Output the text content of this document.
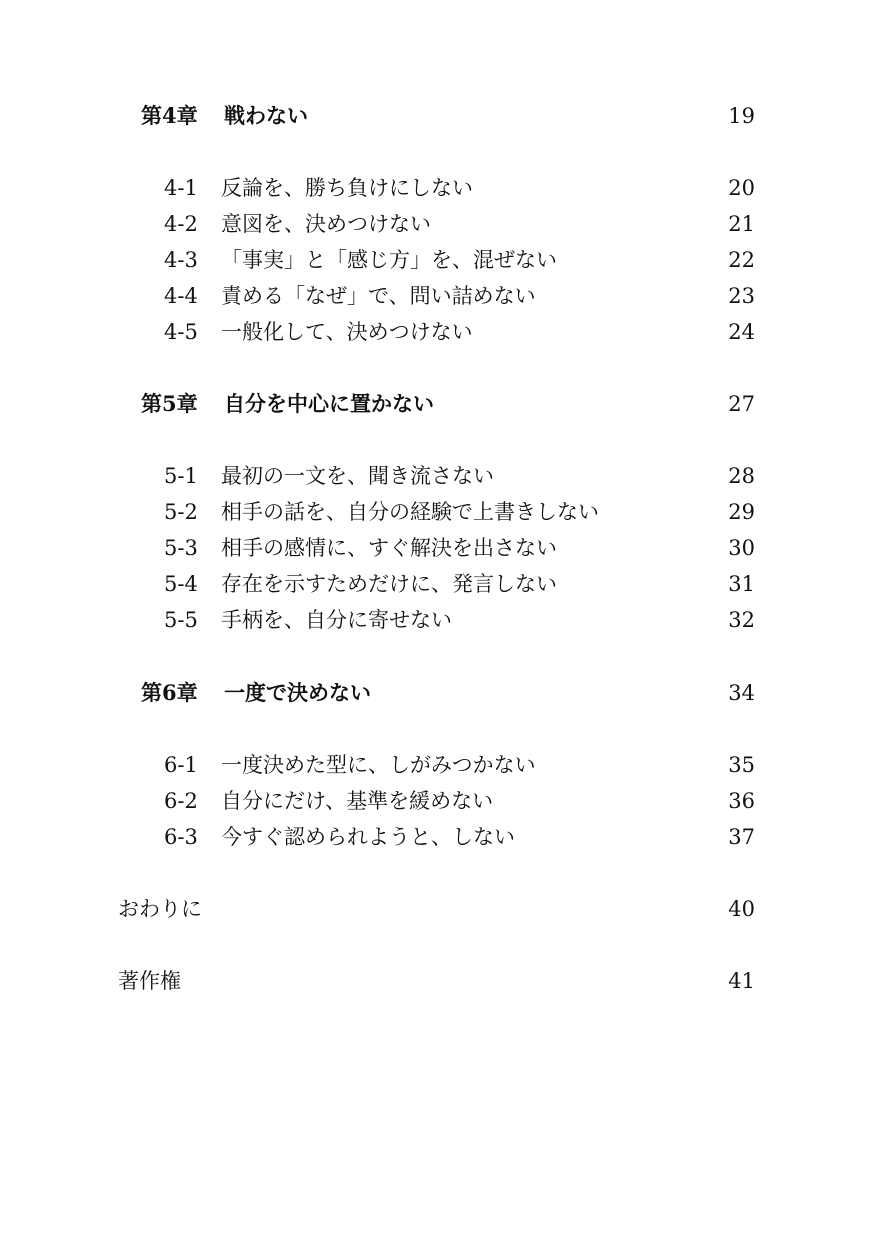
第4章 戦わない	19
4-1 反論を、勝ち負けにしない	20
4-2 意図を、決めつけない	21
4-3 「事実」と「感じ方」を、混ぜない	22
4-4 責める「なぜ」で、問い詰めない	23
4-5 一般化して、決めつけない	24
第5章 自分を中心に置かない	27
5-1 最初の一文を、聞き流さない	28
5-2 相手の話を、自分の経験で上書きしない	29
5-3 相手の感情に、すぐ解決を出さない	30
5-4 存在を示すためだけに、発言しない	31
5-5 手柄を、自分に寄せない	32
第6章 一度で決めない	34
6-1 一度決めた型に、しがみつかない	35
6-2 自分にだけ、基準を緩めない	36
6-3 今すぐ認められようと、しない	37
おわりに	40
著作権	41
